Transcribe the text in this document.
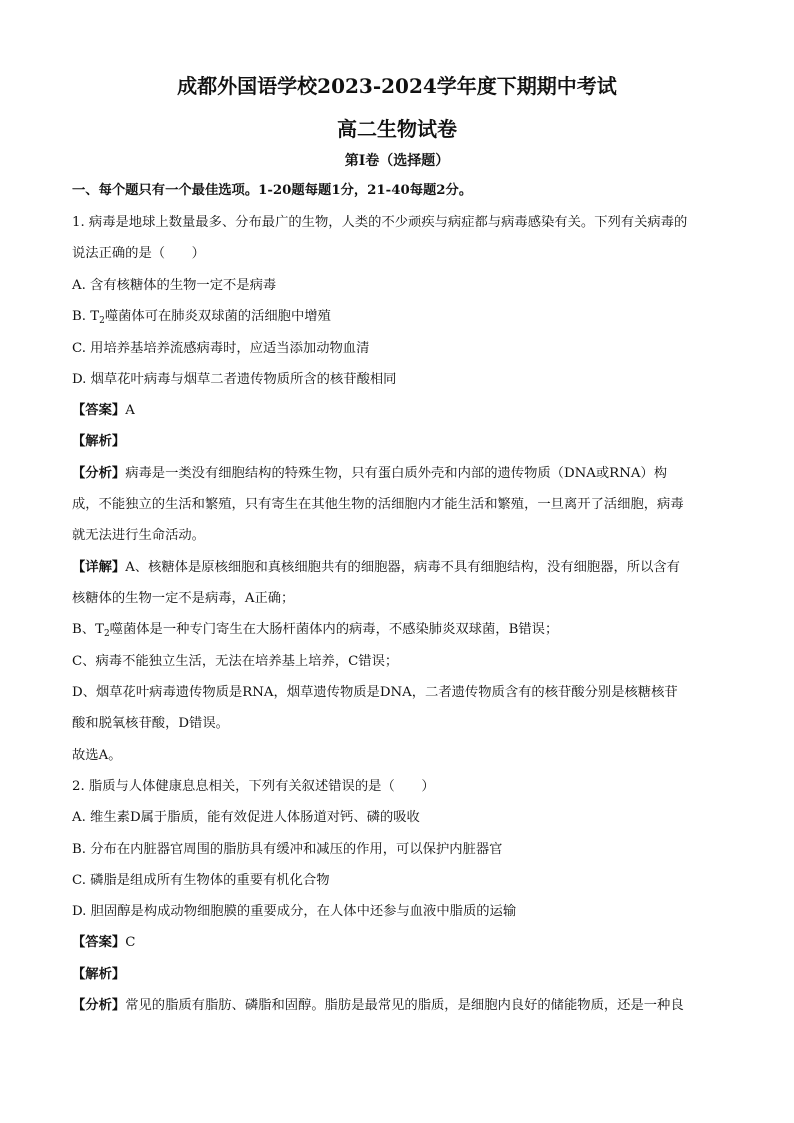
成都外国语学校2023-2024学年度下期期中考试
高二生物试卷
第I卷（选择题）
一、每个题只有一个最佳选项。1-20题每题1分，21-40每题2分。
1. 病毒是地球上数量最多、分布最广的生物，人类的不少顽疾与病症都与病毒感染有关。下列有关病毒的
说法正确的是（　　）
A. 含有核糖体的生物一定不是病毒
B. $T_2$噬菌体可在肺炎双球菌的活细胞中增殖
C. 用培养基培养流感病毒时，应适当添加动物血清
D. 烟草花叶病毒与烟草二者遗传物质所含的核苷酸相同
【答案】A
【解析】
【分析】病毒是一类没有细胞结构的特殊生物，只有蛋白质外壳和内部的遗传物质（DNA或RNA）构
成，不能独立的生活和繁殖，只有寄生在其他生物的活细胞内才能生活和繁殖，一旦离开了活细胞，病毒
就无法进行生命活动。
【详解】A、核糖体是原核细胞和真核细胞共有的细胞器，病毒不具有细胞结构，没有细胞器，所以含有
核糖体的生物一定不是病毒，A正确；
B、$T_2$噬菌体是一种专门寄生在大肠杆菌体内的病毒，不感染肺炎双球菌，B错误；
C、病毒不能独立生活，无法在培养基上培养，C错误；
D、烟草花叶病毒遗传物质是RNA，烟草遗传物质是DNA，二者遗传物质含有的核苷酸分别是核糖核苷
酸和脱氧核苷酸，D错误。
故选A。
2. 脂质与人体健康息息相关，下列有关叙述错误的是（　　）
A. 维生素D属于脂质，能有效促进人体肠道对钙、磷的吸收
B. 分布在内脏器官周围的脂肪具有缓冲和减压的作用，可以保护内脏器官
C. 磷脂是组成所有生物体的重要有机化合物
D. 胆固醇是构成动物细胞膜的重要成分，在人体中还参与血液中脂质的运输
【答案】C
【解析】
【分析】常见的脂质有脂肪、磷脂和固醇。脂肪是最常见的脂质，是细胞内良好的储能物质，还是一种良
